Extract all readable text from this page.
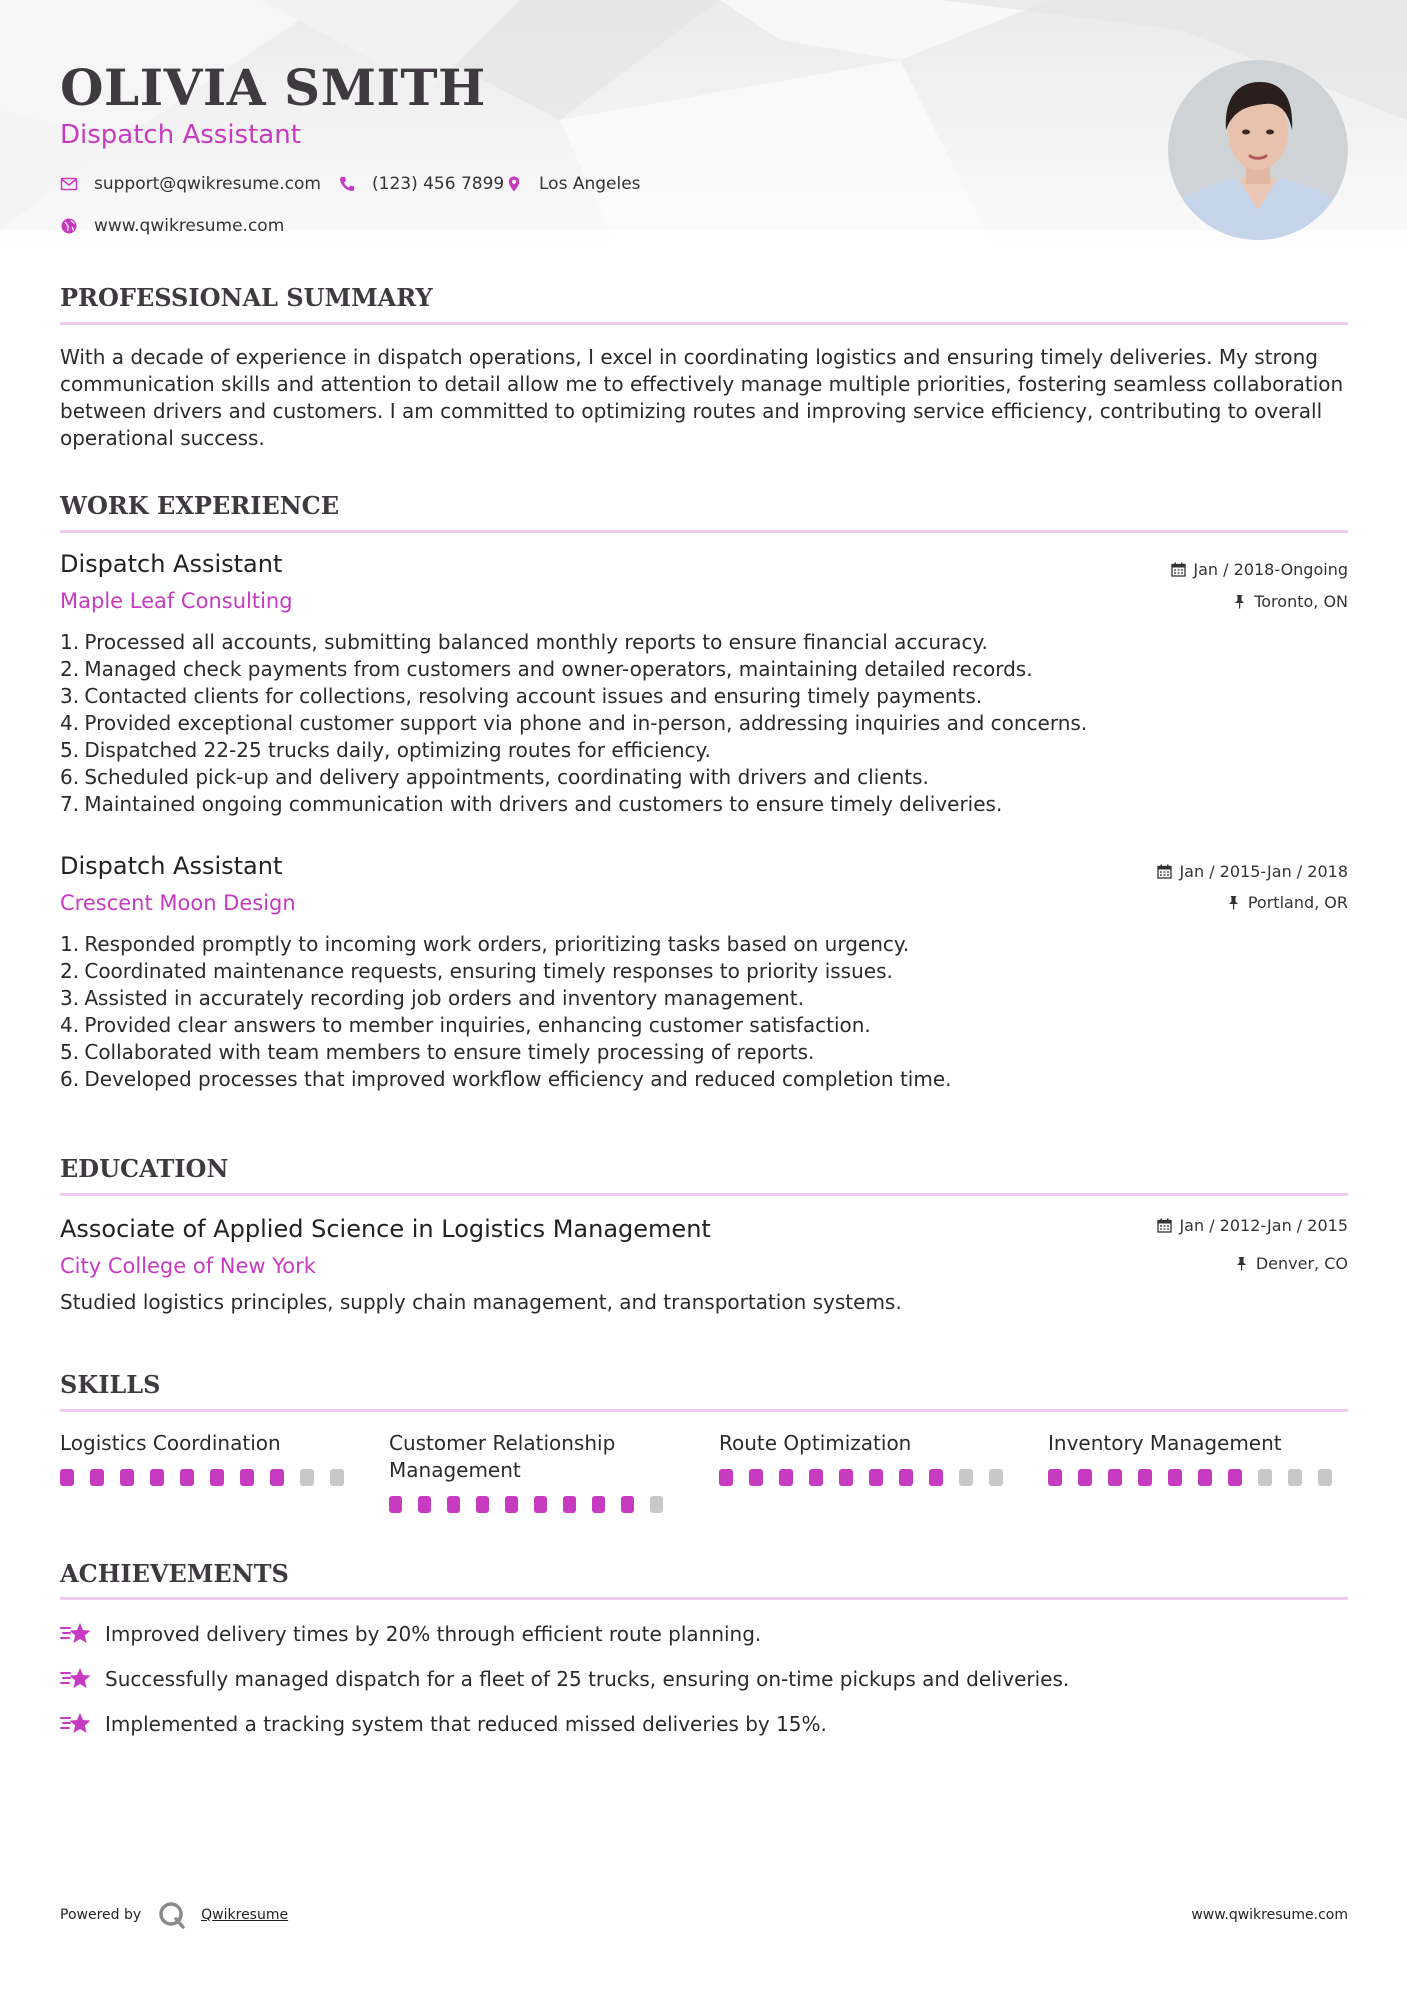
OLIVIA SMITH
Dispatch Assistant
support@qwikresume.com	(123) 456 7899 Los Angeles
www.qwikresume.com
PROFESSIONAL SUMMARY

With a decade of experience in dispatch operations, I excel in coordinating logistics and ensuring timely deliveries. My strong communication skills and attention to detail allow me to effectively manage multiple priorities, fostering seamless collaboration between drivers and customers. I am committed to optimizing routes and improving service efficiency, contributing to overall operational success.

WORK EXPERIENCE
Dispatch Assistant
Maple Leaf Consulting
Jan / 2018-Ongoing
Toronto, ON
1. Processed all accounts, submitting balanced monthly reports to ensure financial accuracy.
2. Managed check payments from customers and owner-operators, maintaining detailed records.
3. Contacted clients for collections, resolving account issues and ensuring timely payments.
4. Provided exceptional customer support via phone and in-person, addressing inquiries and concerns.
5. Dispatched 22-25 trucks daily, optimizing routes for efficiency.
6. Scheduled pick-up and delivery appointments, coordinating with drivers and clients.
7. Maintained ongoing communication with drivers and customers to ensure timely deliveries.
Dispatch Assistant
Crescent Moon Design
Jan / 2015-Jan / 2018
Portland, OR
1. Responded promptly to incoming work orders, prioritizing tasks based on urgency.
2. Coordinated maintenance requests, ensuring timely responses to priority issues.
3. Assisted in accurately recording job orders and inventory management.
4. Provided clear answers to member inquiries, enhancing customer satisfaction.
5. Collaborated with team members to ensure timely processing of reports.
6. Developed processes that improved workflow efficiency and reduced completion time.
EDUCATION
Associate of Applied Science in Logistics Management
City College of New York
Jan / 2012-Jan / 2015
Denver, CO

Studied logistics principles, supply chain management, and transportation systems.

SKILLS
Logistics Coordination	Customer Relationship Management
Route Optimization	Inventory Management
ACHIEVEMENTS
Improved delivery times by 20% through efficient route planning.
Successfully managed dispatch for a fleet of 25 trucks, ensuring on-time pickups and deliveries.
Implemented a tracking system that reduced missed deliveries by 15%.
Powered by	Qwikresume	www.qwikresume.com
